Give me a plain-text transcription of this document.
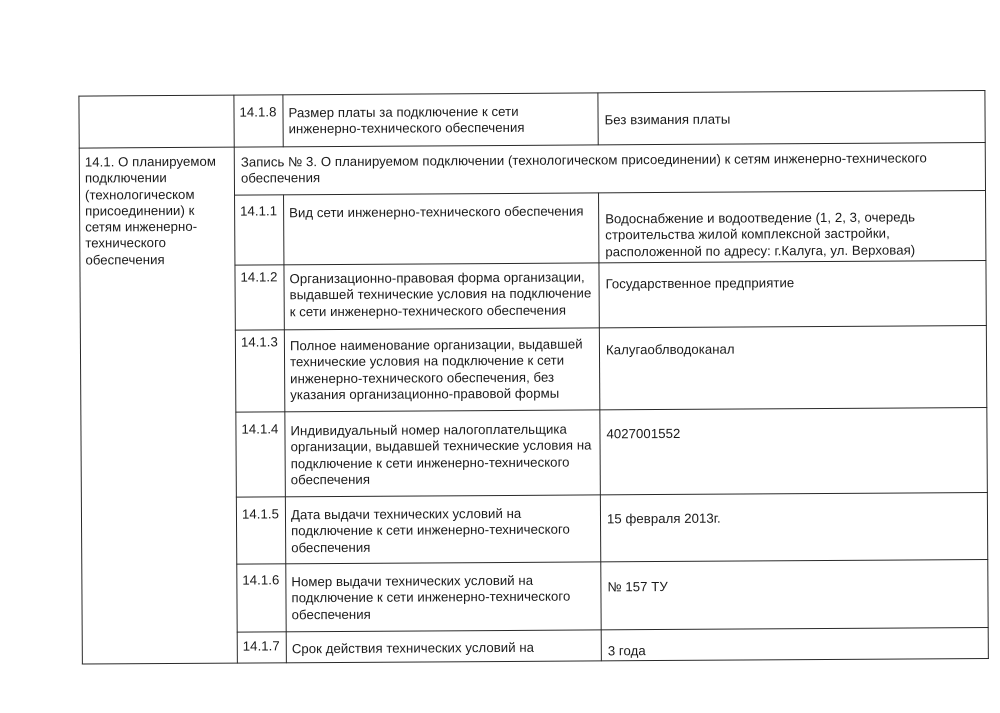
14.1.8 Размер платы за подключение к сети
инженерно-технического обеспечения
Без взимания платы
14.1. О планируемом
подключении
(технологическом
присоединении) к
сетям инженерно-
технического
обеспечения
Запись № 3. О планируемом подключении (технологическом присоединении) к сетям инженерно-технического
обеспечения
14.1.1 Вид сети инженерно-технического обеспечения Водоснабжение и водоотведение (1, 2, 3, очередь
строительства жилой комплексной застройки,
расположенной по адресу: г.Калуга, ул. Верховая)
14.1.2 Организационно-правовая форма организации,
выдавшей технические условия на подключение
к сети инженерно-технического обеспечения
Государственное предприятие
14.1.3 Полное наименование организации, выдавшей
технические условия на подключение к сети
инженерно-технического обеспечения, без
указания организационно-правовой формы
Калугаоблводоканал
14.1.4 Индивидуальный номер налогоплательщика
организации, выдавшей технические условия на
подключение к сети инженерно-технического
обеспечения
4027001552
14.1.5 Дата выдачи технических условий на
подключение к сети инженерно-технического
обеспечения
15 февраля 2013г.
14.1.6 Номер выдачи технических условий на
подключение к сети инженерно-технического
обеспечения
№ 157 ТУ
14.1.7 Срок действия технических условий на	3 года
